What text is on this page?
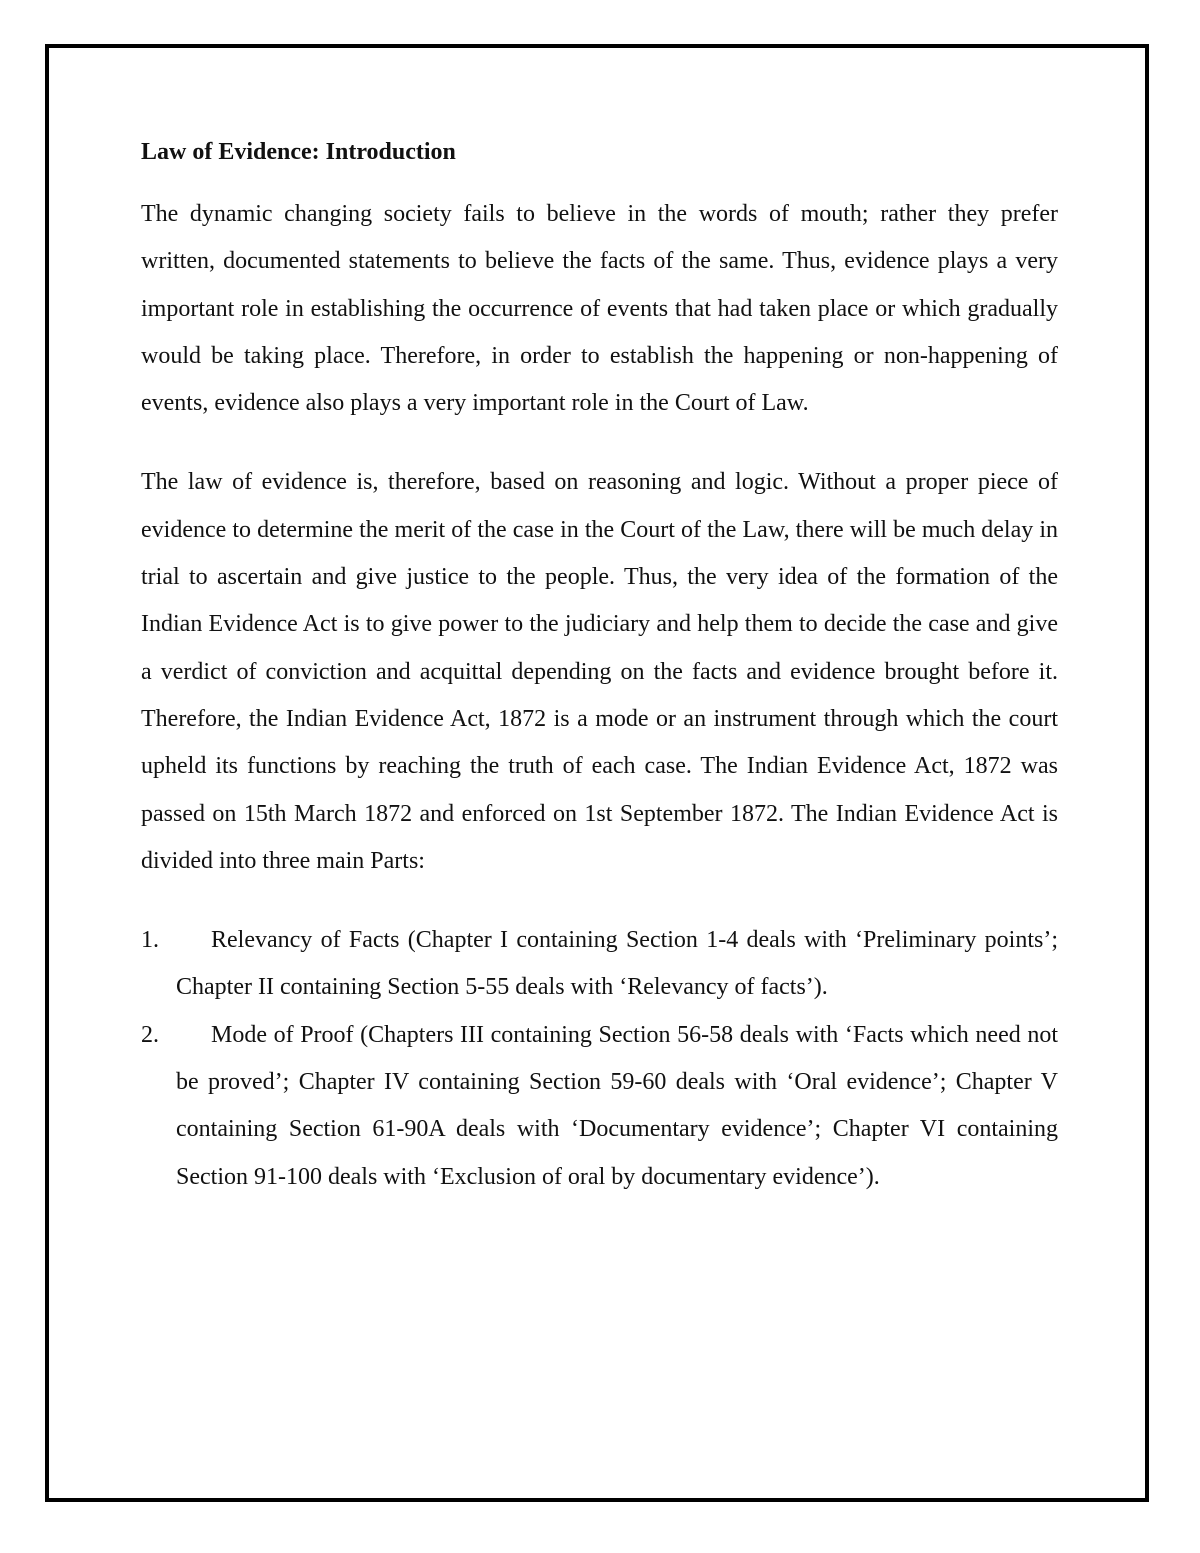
Law of Evidence: Introduction

The dynamic changing society fails to believe in the words of mouth; rather they prefer written, documented statements to believe the facts of the same. Thus, evidence plays a very important role in establishing the occurrence of events that had taken place or which gradually would be taking place. Therefore, in order to establish the happening or non-happening of events, evidence also plays a very important role in the Court of Law.

The law of evidence is, therefore, based on reasoning and logic. Without a proper piece of evidence to determine the merit of the case in the Court of the Law, there will be much delay in trial to ascertain and give justice to the people. Thus, the very idea of the formation of the Indian Evidence Act is to give power to the judiciary and help them to decide the case and give a verdict of conviction and acquittal depending on the facts and evidence brought before it. Therefore, the Indian Evidence Act, 1872 is a mode or an instrument through which the court upheld its functions by reaching the truth of each case. The Indian Evidence Act, 1872 was passed on 15th March 1872 and enforced on 1st September 1872. The Indian Evidence Act is divided into three main Parts:

1.	Relevancy of Facts (Chapter I containing Section 1-4 deals with ‘Preliminary points’; Chapter II containing Section 5-55 deals with ‘Relevancy of facts’).
2.	Mode of Proof (Chapters III containing Section 56-58 deals with ‘Facts which need not be proved’; Chapter IV containing Section 59-60 deals with ‘Oral evidence’; Chapter V containing Section 61-90A deals with ‘Documentary evidence’; Chapter VI containing Section 91-100 deals with ‘Exclusion of oral by documentary evidence’).
